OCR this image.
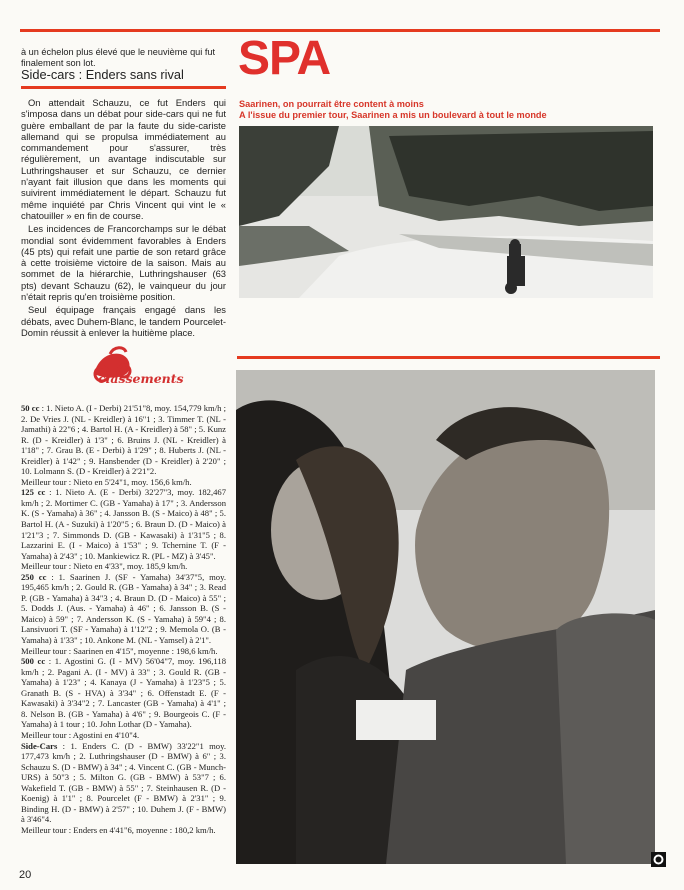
à un échelon plus élevé que le neuvième qui fut finalement son lot.

Side-cars : Enders sans rival

On attendait Schauzu, ce fut Enders qui s'imposa dans un débat pour side-cars qui ne fut guère emballant de par la faute du side-cariste allemand qui se propulsa immédiatement au commandement pour s'assurer, très régulièrement, un avantage indiscutable sur Luthringshauser et sur Schauzu, ce dernier n'ayant fait illusion que dans les moments qui suivirent immédiatement le départ. Schauzu fut même inquiété par Chris Vincent qui vint le « chatouiller » en fin de course.

Les incidences de Francorchamps sur le débat mondial sont évidemment favorables à Enders (45 pts) qui refait une partie de son retard grâce à cette troisième victoire de la saison. Mais au sommet de la hiérarchie, Luthringshauser (63 pts) devant Schauzu (62), le vainqueur du jour n'était repris qu'en troisième position.

Seul équipage français engagé dans les débats, avec Duhem-Blanc, le tandem Pourcelet-Domin réussit à enlever la huitième place.

classements

50 cc : 1. Nieto A. (I - Derbi) 21'51"8, moy. 154,779 km/h ; 2. De Vries J. (NL - Kreidler) à 16"1 ; 3. Timmer T. (NL - Jamathi) à 22"6 ; 4. Bartol H. (A - Kreidler) à 58" ; 5. Kunz R. (D - Kreidler) à 1'3" ; 6. Bruins J. (NL - Kreidler) à 1'18" ; 7. Grau B. (E - Derbi) à 1'29" ; 8. Huberts J. (NL - Kreidler) à 1'42" ; 9. Hansbender (D - Kreidler) à 2'20" ; 10. Lolmann S. (D - Kreidler) à 2'21"2.

Meilleur tour : Nieto en 5'24"1, moy. 156,6 km/h.

125 cc : 1. Nieto A. (E - Derbi) 32'27"3, moy. 182,467 km/h ; 2. Mortimer C. (GB - Yamaha) à 17" ; 3. Andersson K. (S - Yamaha) à 36" ; 4. Jansson B. (S - Maico) à 48" ; 5. Bartol H. (A - Suzuki) à 1'20"5 ; 6. Braun D. (D - Maico) à 1'21"3 ; 7. Simmonds D. (GB - Kawasaki) à 1'31"5 ; 8. Lazzarini E. (I - Maico) à 1'53" ; 9. Tchernine T. (F - Yamaha) à 2'43" ; 10. Mankiewicz R. (PL - MZ) à 3'45".

Meilleur tour : Nieto en 4'33", moy. 185,9 km/h.

250 cc : 1. Saarinen J. (SF - Yamaha) 34'37"5, moy. 195,465 km/h ; 2. Gould R. (GB - Yamaha) à 34" ; 3. Read P. (GB - Yamaha) à 34"3 ; 4. Braun D. (D - Maico) à 55" ; 5. Dodds J. (Aus. - Yamaha) à 46" ; 6. Jansson B. (S - Maico) à 59" ; 7. Andersson K. (S - Yamaha) à 59"4 ; 8. Lansivuori T. (SF - Yamaha) à 1'12"2 ; 9. Memola O. (B - Yamaha) à 1'33" ; 10. Ankone M. (NL - Yamsel) à 2'1".

Meilleur tour : Saarinen en 4'15", moyenne : 198,6 km/h.

500 cc : 1. Agostini G. (I - MV) 56'04"7, moy. 196,118 km/h ; 2. Pagani A. (I - MV) à 33" ; 3. Gould R. (GB - Yamaha) à 1'23" ; 4. Kanaya (J - Yamaha) à 1'23"5 ; 5. Granath B. (S - HVA) à 3'34" ; 6. Offenstadt E. (F - Kawasaki) à 3'34"2 ; 7. Lancaster (GB - Yamaha) à 4'1" ; 8. Nelson B. (GB - Yamaha) à 4'6" ; 9. Bourgeois C. (F - Yamaha) à 1 tour ; 10. John Lothar (D - Yamaha).

Meilleur tour : Agostini en 4'10"4.

Side-Cars : 1. Enders C. (D - BMW) 33'22"1 moy. 177,473 km/h ; 2. Luthringshauser (D - BMW) à 6" ; 3. Schauzu S. (D - BMW) à 34" ; 4. Vincent C. (GB - Munch-URS) à 50"3 ; 5. Milton G. (GB - BMW) à 53"7 ; 6. Wakefield T. (GB - BMW) à 55" ; 7. Steinhausen R. (D - Koenig) à 1'1" ; 8. Pourcelet (F - BMW) à 2'31" ; 9. Binding H. (D - BMW) à 2'57" ; 10. Duhem J. (F - BMW) à 3'46"4.

Meilleur tour : Enders en 4'41"6, moyenne : 180,2 km/h.

20
SPA
Saarinen, on pourrait être content à moins
A l'issue du premier tour, Saarinen a mis un boulevard à tout le monde
